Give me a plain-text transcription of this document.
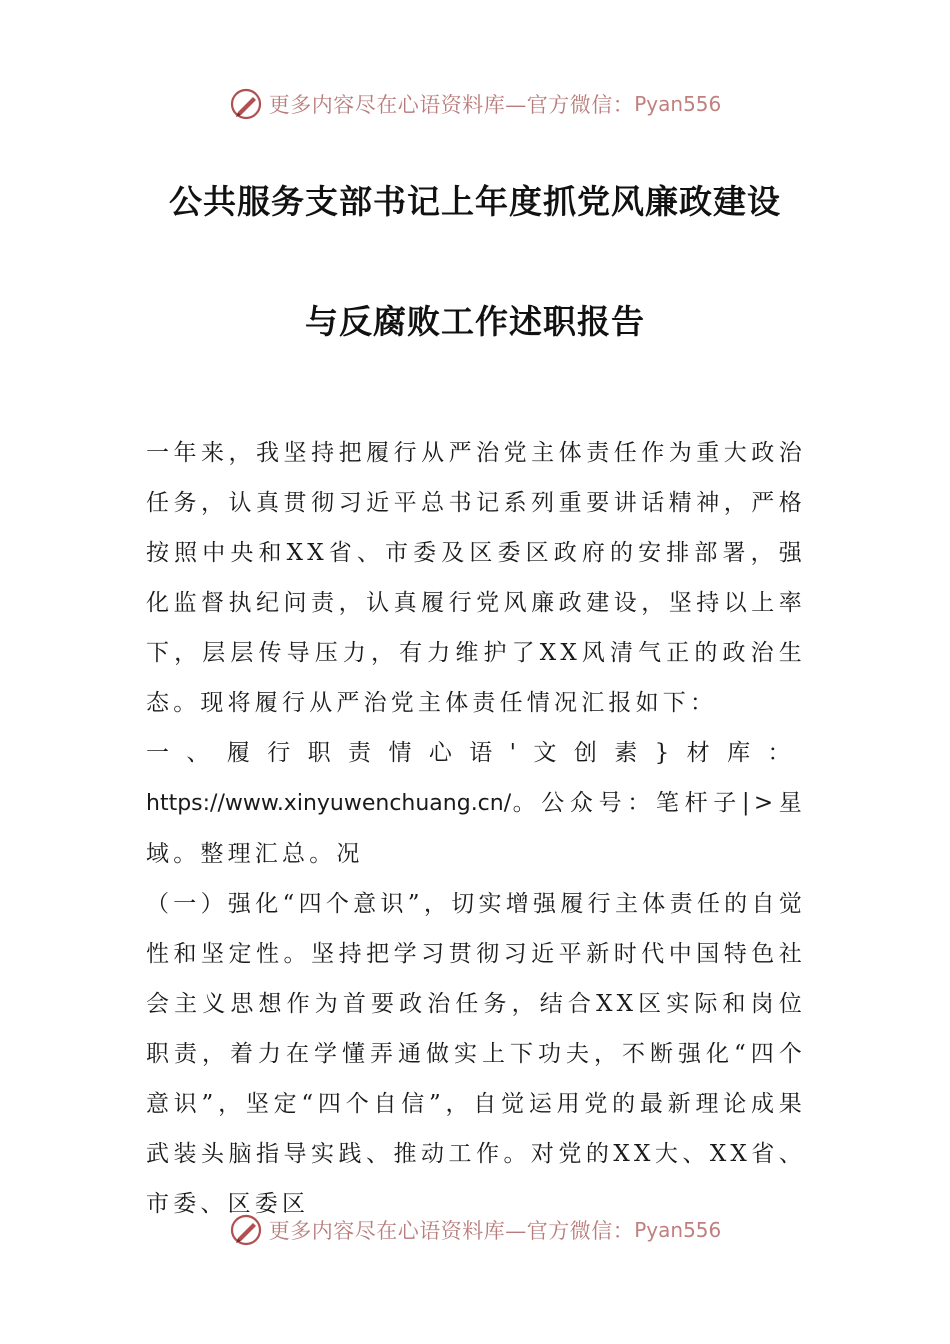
更多内容尽在心语资料库—官方微信： Pyan556
公共服务支部书记上年度抓党风廉政建设
与反腐败工作述职报告

一年来，我坚持把履行从严治党主体责任作为重大政治任务，认真贯彻习近平总书记系列重要讲话精神，严格按照中央和XX省、市委及区委区政府的安排部署，强化监督执纪问责，认真履行党风廉政建设，坚持以上率下，层层传导压力，有力维护了XX风清气正的政治生态。现将履行从严治党主体责任情况汇报如下：

一、履行职责情心语'文创素}材库：https://www.xinyuwenchuang.cn/。公众号：笔杆子|>星域。整理汇总。况

（一）强化“四个意识”，切实增强履行主体责任的自觉性和坚定性。坚持把学习贯彻习近平新时代中国特色社会主义思想作为首要政治任务，结合XX区实际和岗位职责，着力在学懂弄通做实上下功夫，不断强化“四个意识”，坚定“四个自信”，自觉运用党的最新理论成果武装头脑指导实践、推动工作。对党的XX大、XX省、市委、区委区

更多内容尽在心语资料库—官方微信： Pyan556
